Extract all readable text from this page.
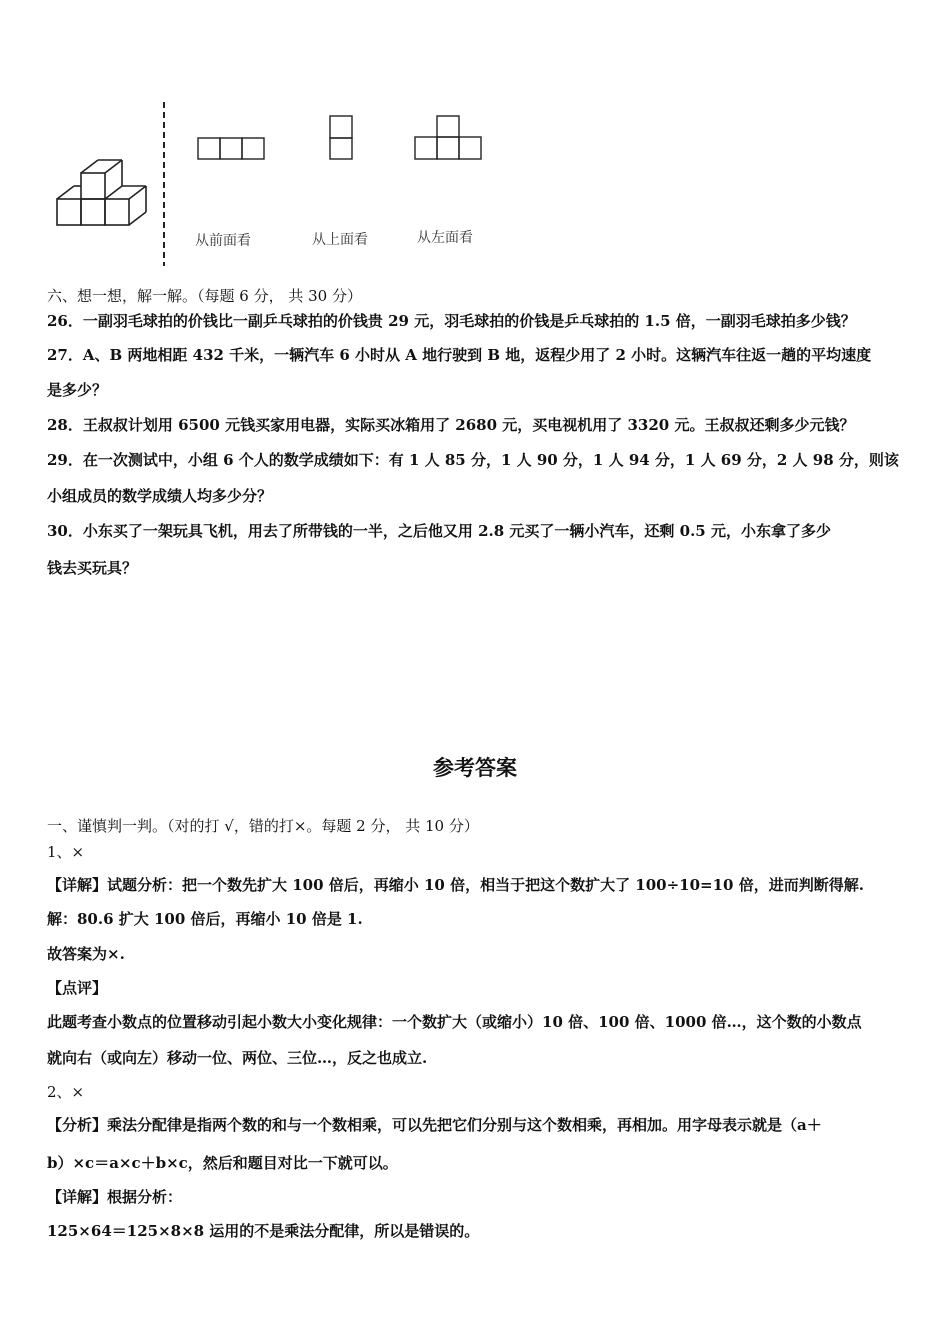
从前面看	从上面看	从左面看
六、想一想，解一解。（每题 6 分， 共 30 分）
26．一副羽毛球拍的价钱比一副乒乓球拍的价钱贵 29 元，羽毛球拍的价钱是乒乓球拍的 1.5 倍，一副羽毛球拍多少钱？
27．A、B 两地相距 432 千米，一辆汽车 6 小时从 A 地行驶到 B 地，返程少用了 2 小时。这辆汽车往返一趟的平均速度
是多少？
28．王叔叔计划用 6500 元钱买家用电器，实际买冰箱用了 2680 元，买电视机用了 3320 元。王叔叔还剩多少元钱？
29．在一次测试中，小组 6 个人的数学成绩如下：有 1 人 85 分，1 人 90 分，1 人 94 分，1 人 69 分，2 人 98 分，则该
小组成员的数学成绩人均多少分？
30．小东买了一架玩具飞机，用去了所带钱的一半，之后他又用 2.8 元买了一辆小汽车，还剩 0.5 元，小东拿了多少
钱去买玩具？
参考答案
一、谨慎判一判。（对的打 √，错的打×。每题 2 分， 共 10 分）
1、×
【详解】试题分析：把一个数先扩大 100 倍后，再缩小 10 倍，相当于把这个数扩大了 100÷10=10 倍，进而判断得解.
解：80.6 扩大 100 倍后，再缩小 10 倍是 1.
故答案为×.
【点评】
此题考查小数点的位置移动引起小数大小变化规律：一个数扩大（或缩小）10 倍、100 倍、1000 倍…，这个数的小数点
就向右（或向左）移动一位、两位、三位…，反之也成立.
2、×
【分析】乘法分配律是指两个数的和与一个数相乘，可以先把它们分别与这个数相乘，再相加。用字母表示就是（a＋
b）×c＝a×c＋b×c，然后和题目对比一下就可以。
【详解】根据分析：
125×64＝125×8×8 运用的不是乘法分配律，所以是错误的。
